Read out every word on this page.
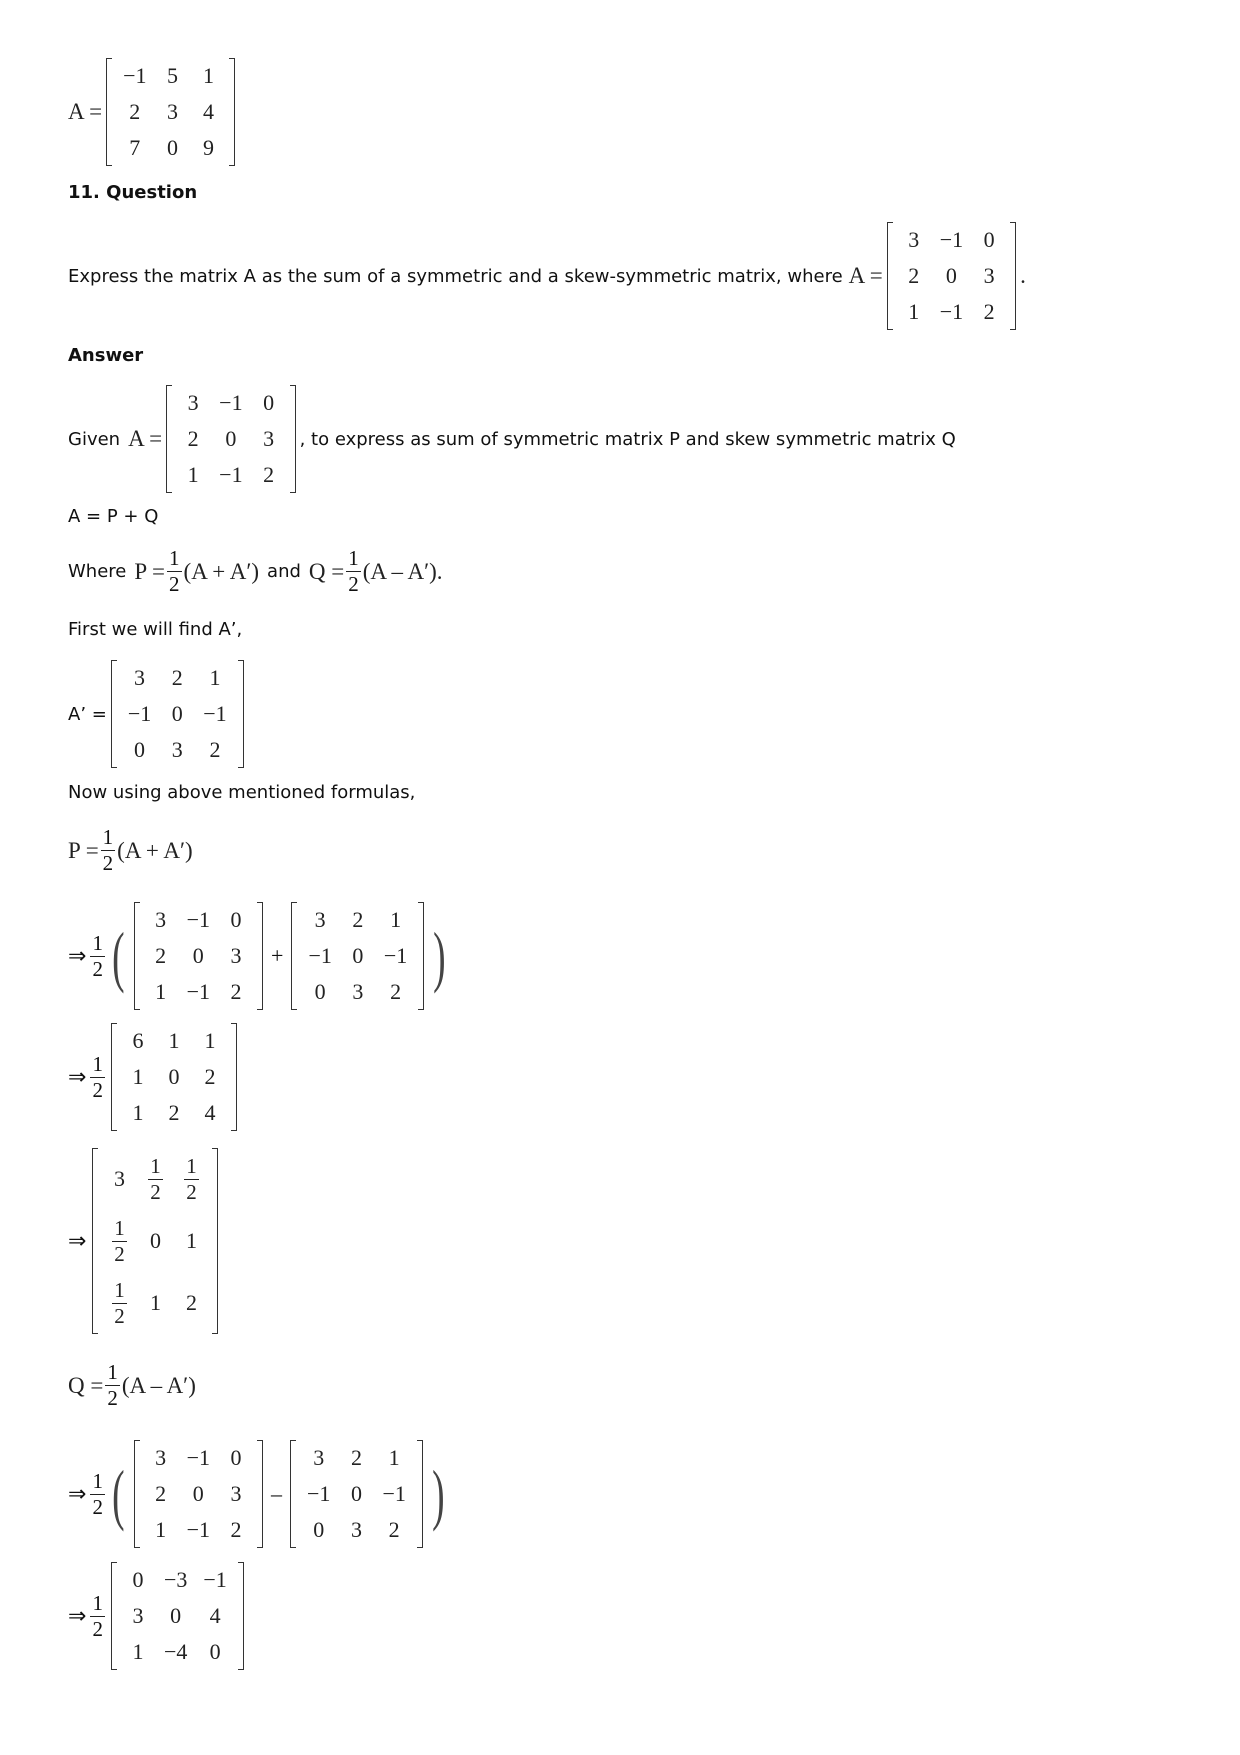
A =
−1	5	1
2	3	4
7	0	9
11. Question
Express the matrix A as the sum of a symmetric and a skew-symmetric matrix, where A =
3	−1	0
2	0	3
1	−1	2
.
Answer
Given A =
3	−1	0
2	0	3
1	−1	2
, to express as sum of symmetric matrix P and skew symmetric matrix Q
A = P + Q
Where $P = \frac{1}{2} (A + A')$ and $Q = \frac{1}{2} (A - A')$.
First we will find A’,
A’ =
3	2	1
−1	0	−1
0	3	2
Now using above mentioned formulas,
$P = \frac{1}{2} (A + A')$
⇒ $\frac{1}{2}$ ( 3	−1	0
2	0	3
1	−1	2
+
3	2	1
−1	0	−1
0	3	2 )
⇒ $\frac{1}{2}$
6	1	1
1	0	2
1	2	4
⇒
3	$\frac{1}{2}$	$\frac{1}{2}$

$\frac{1}{2}$	0	1

$\frac{1}{2}$	1	2
$Q = \frac{1}{2} (A - A')$
⇒ $\frac{1}{2}$ ( 3	−1	0
2	0	3
1	−1	2
–
3	2	1
−1	0	−1
0	3	2 )
⇒ $\frac{1}{2}$
0	−3	−1
3	0	4
1	−4	0
